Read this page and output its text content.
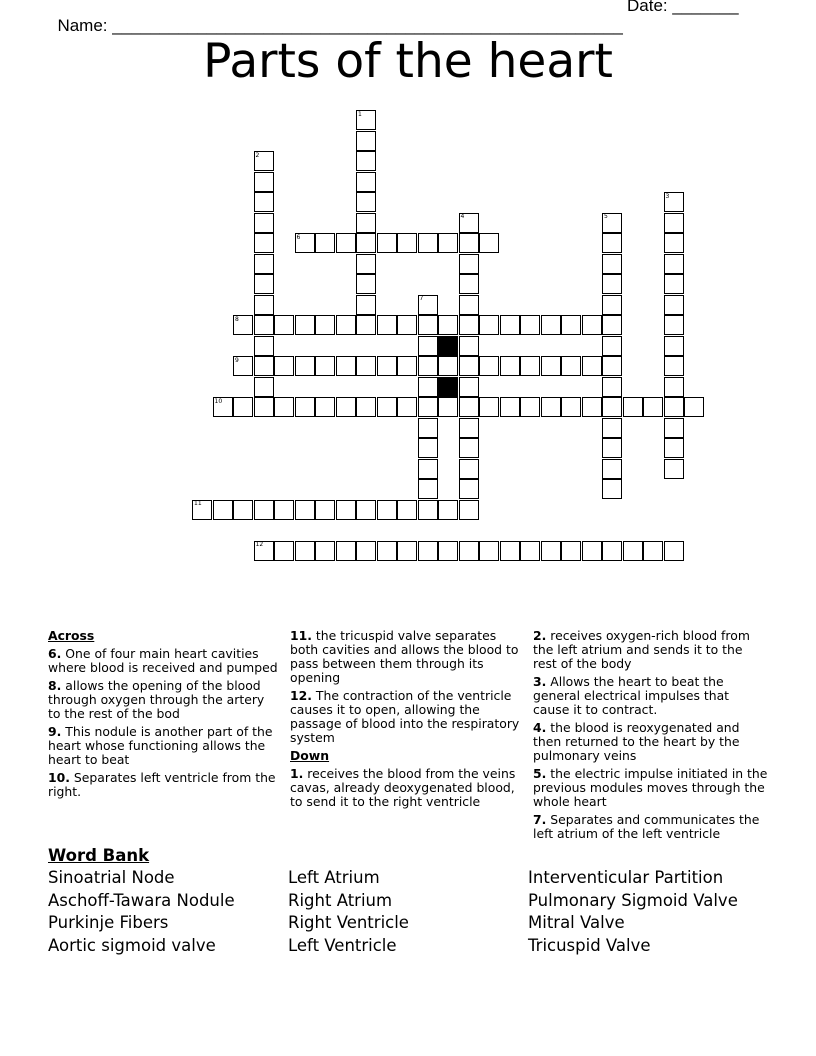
Name: ______________________________________________________

Date: _______

Parts of the heart
1
2
3
4	5
6
7
8
9
10
11
12
Across
6. One of four main heart cavities where blood is received and pumped
8. allows the opening of the blood through oxygen through the artery to the rest of the bod
9. This nodule is another part of the heart whose functioning allows the heart to beat
10. Separates left ventricle from the right.
11. the tricuspid valve separates both cavities and allows the blood to pass between them through its opening
12. The contraction of the ventricle causes it to open, allowing the passage of blood into the respiratory system
Down
1. receives the blood from the veins cavas, already deoxygenated blood, to send it to the right ventricle
2. receives oxygen-rich blood from the left atrium and sends it to the rest of the body
3. Allows the heart to beat the general electrical impulses that cause it to contract.
4. the blood is reoxygenated and then returned to the heart by the pulmonary veins
5. the electric impulse initiated in the previous modules moves through the whole heart
7. Separates and communicates the left atrium of the left ventricle
Word Bank
Sinoatrial Node
Aschoff-Tawara Nodule
Purkinje Fibers
Aortic sigmoid valve
Left Atrium
Right Atrium
Right Ventricle
Left Ventricle
Interventicular Partition
Pulmonary Sigmoid Valve
Mitral Valve
Tricuspid Valve
